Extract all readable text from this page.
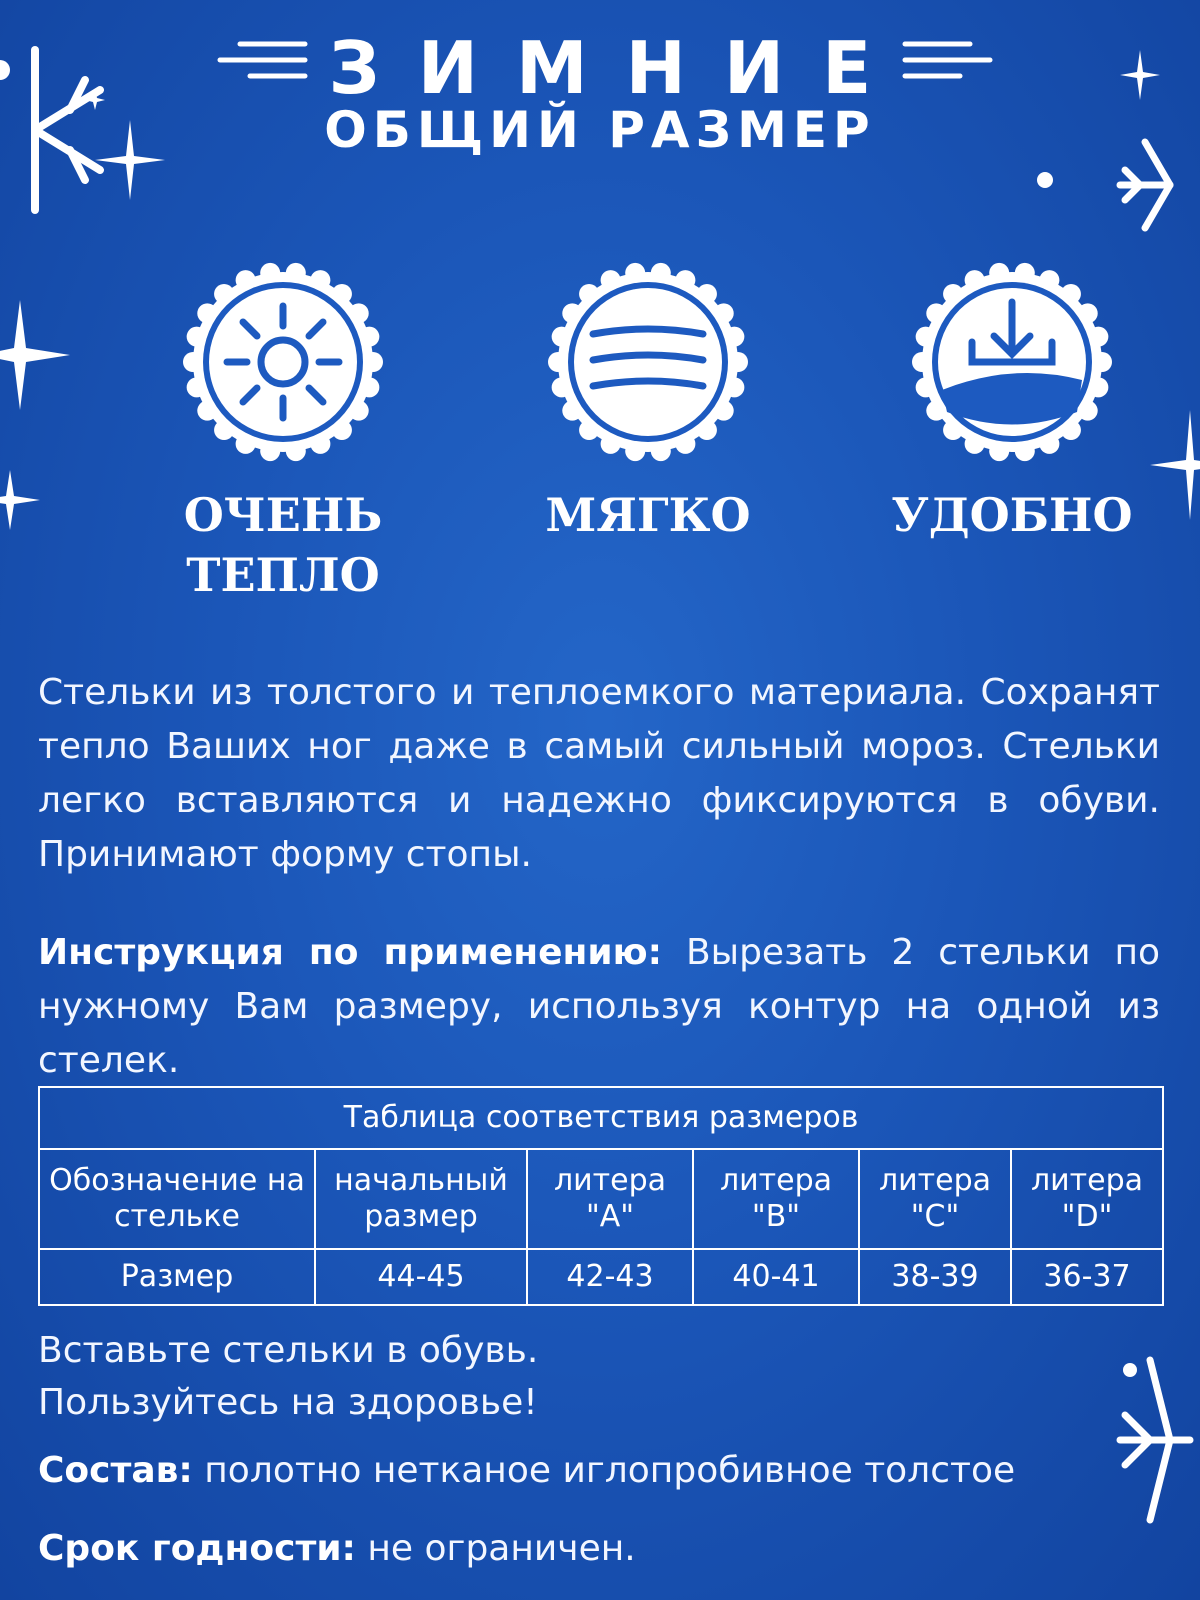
ЗИМНИЕ
ОБЩИЙ РАЗМЕР
ОЧЕНЬ ТЕПЛО
МЯГКО	УДОБНО
Стельки из толстого и теплоемкого материала. Сохранят тепло Ваших ног даже в самый сильный мороз. Стельки легко вставляются и надежно фиксируются в обуви. Принимают форму стопы.
Инструкция по применению: Вырезать 2 стельки по нужному Вам размеру, используя контур на одной из стелек.
Таблица соответствия размеров					
Обозначение на стельке	начальный размер	литера "А"	литера "В"	литера "С"	литера "D"
Размер	44-45	42-43	40-41	38-39	36-37
Вставьте стельки в обувь.
Пользуйтесь на здоровье!
Состав: полотно нетканое иглопробивное толстое
Срок годности: не ограничен.
